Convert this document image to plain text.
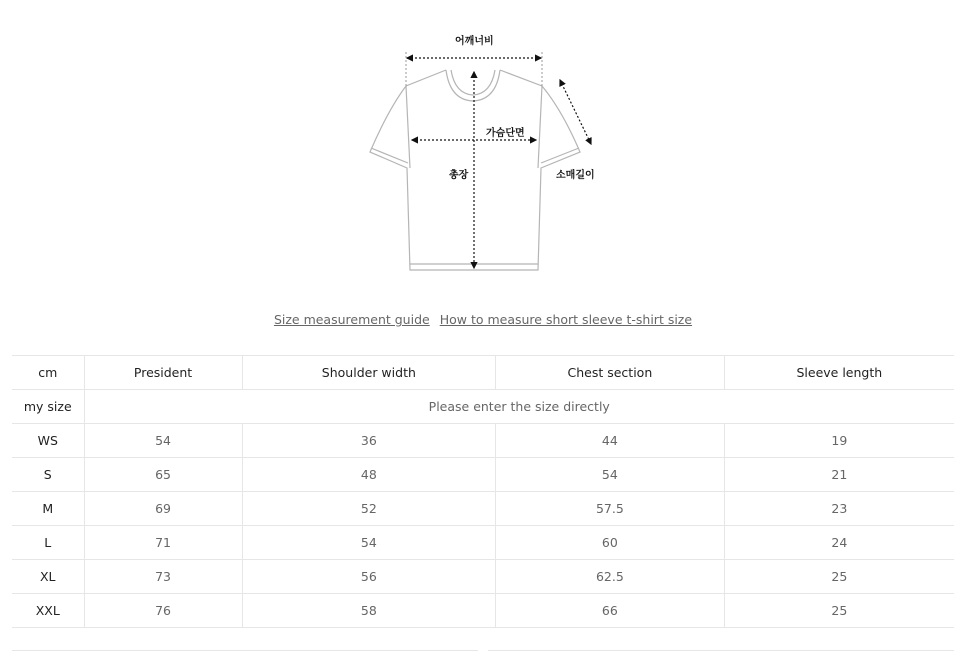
어깨너비
가슴단면
총장	소매길이
Size measurement guide How to measure short sleeve t-shirt size
cm	President	Shoulder width	Chest section	Sleeve length
my size	Please enter the size directly			
WS	54	36	44	19
S	65	48	54	21
M	69	52	57.5	23
L	71	54	60	24
XL	73	56	62.5	25
XXL	76	58	66	25
